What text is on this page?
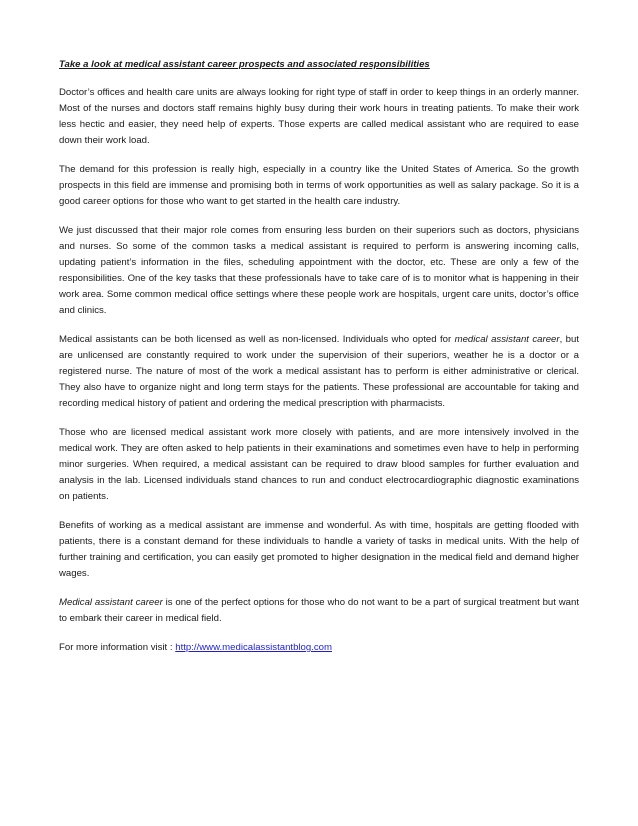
Take a look at medical assistant career prospects and associated responsibilities

Doctor’s offices and health care units are always looking for right type of staff in order to keep things in an orderly manner. Most of the nurses and doctors staff remains highly busy during their work hours in treating patients. To make their work less hectic and easier, they need help of experts. Those experts are called medical assistant who are required to ease down their work load.

The demand for this profession is really high, especially in a country like the United States of America. So the growth prospects in this field are immense and promising both in terms of work opportunities as well as salary package. So it is a good career options for those who want to get started in the health care industry.

We just discussed that their major role comes from ensuring less burden on their superiors such as doctors, physicians and nurses. So some of the common tasks a medical assistant is required to perform is answering incoming calls, updating patient’s information in the files, scheduling appointment with the doctor, etc. These are only a few of the responsibilities. One of the key tasks that these professionals have to take care of is to monitor what is happening in their work area. Some common medical office settings where these people work are hospitals, urgent care units, doctor’s office and clinics.

Medical assistants can be both licensed as well as non-licensed. Individuals who opted for medical assistant career, but are unlicensed are constantly required to work under the supervision of their superiors, weather he is a doctor or a registered nurse. The nature of most of the work a medical assistant has to perform is either administrative or clerical. They also have to organize night and long term stays for the patients. These professional are accountable for taking and recording medical history of patient and ordering the medical prescription with pharmacists.

Those who are licensed medical assistant work more closely with patients, and are more intensively involved in the medical work. They are often asked to help patients in their examinations and sometimes even have to help in performing minor surgeries. When required, a medical assistant can be required to draw blood samples for further evaluation and analysis in the lab. Licensed individuals stand chances to run and conduct electrocardiographic diagnostic examinations on patients.

Benefits of working as a medical assistant are immense and wonderful. As with time, hospitals are getting flooded with patients, there is a constant demand for these individuals to handle a variety of tasks in medical units. With the help of further training and certification, you can easily get promoted to higher designation in the medical field and demand higher wages.

Medical assistant career is one of the perfect options for those who do not want to be a part of surgical treatment but want to embark their career in medical field.

For more information visit : http://www.medicalassistantblog.com
